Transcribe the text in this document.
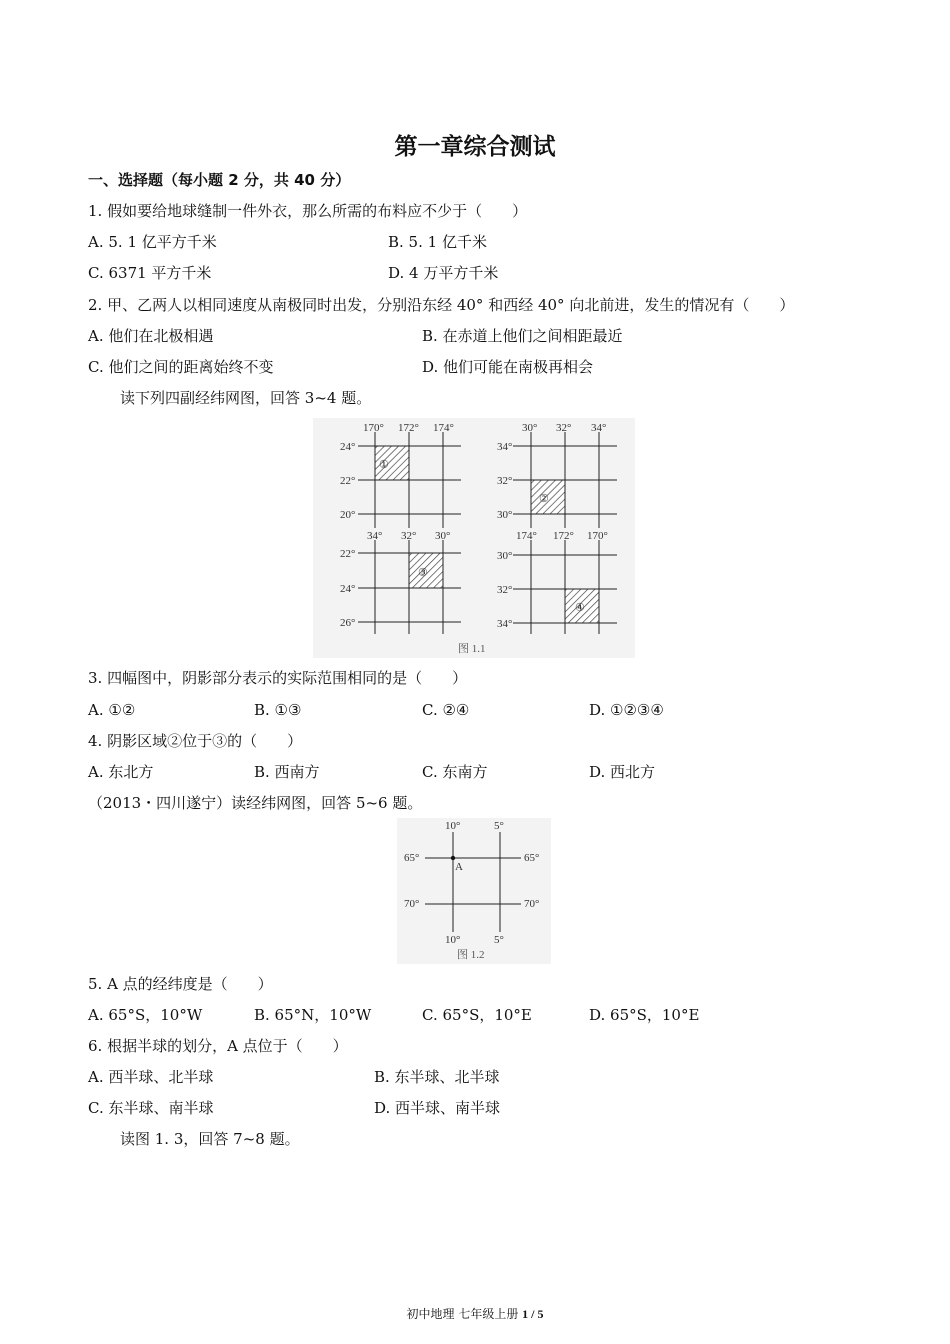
第一章综合测试
一、选择题（每小题 2 分，共 40 分）
1. 假如要给地球缝制一件外衣，那么所需的布料应不少于（　　）
A. 5. 1 亿平方千米	B. 5. 1 亿千米
C. 6371 平方千米	D. 4 万平方千米
2. 甲、乙两人以相同速度从南极同时出发，分别沿东经 40° 和西经 40° 向北前进，发生的情况有（　　）
A. 他们在北极相遇	B. 在赤道上他们之间相距最近
C. 他们之间的距离始终不变	D. 他们可能在南极再相会
读下列四副经纬网图，回答 3~4 题。
①
170° 172° 174°
24°
22°
20°
②
30° 32° 34°
34°
32°
30°
③
34° 32° 30°
22°
24°
26°
④
174° 172° 170°
30°
32°
34°
图 1.1
3. 四幅图中，阴影部分表示的实际范围相同的是（　　）
A. ①②	B. ①③	C. ②④	D. ①②③④
4. 阴影区域②位于③的（　　）
A. 东北方	B. 西南方	C. 东南方	D. 西北方
（2013・四川遂宁）读经纬网图，回答 5~6 题。
A
10°	5°
10°	5°
65°
70°
65°
70°
图 1.2
5. A 点的经纬度是（　　）
A. 65°S，10°W	B. 65°N，10°W	C. 65°S，10°E	D. 65°S，10°E
6. 根据半球的划分，A 点位于（　　）
A. 西半球、北半球	B. 东半球、北半球
C. 东半球、南半球	D. 西半球、南半球
读图 1. 3，回答 7~8 题。
初中地理 七年级上册 1 / 5
